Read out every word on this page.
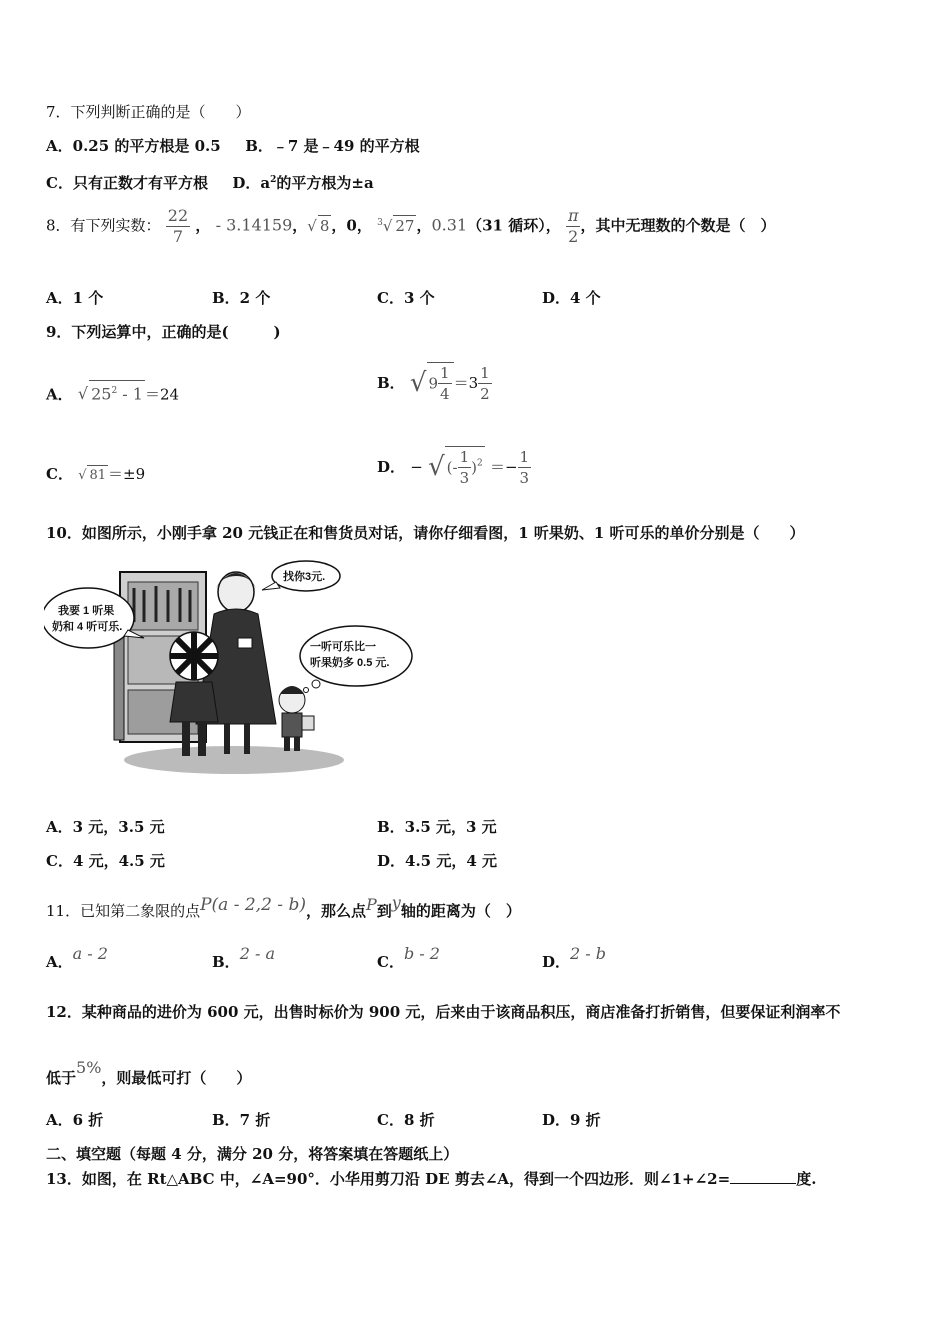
7．下列判断正确的是（　　）
A．0.25 的平方根是 0.5 B．﹣7 是﹣49 的平方根
C．只有正数才有平方根 D．$a^2$的平方根为±a
8．有下列实数： $\frac{22}{7}$ ， - 3.14159，√ 8 ，0， $^3$√ 27 ，0.31（31 循环）， $\frac{\pi}{2}$ ，其中无理数的个数是（　）
A．1 个	B．2 个	C．3 个	D．4 个
9．下列运算中，正确的是(　　　)
A． √ $25^2 - 1 =24$
B． √ $9 \frac{1}{4} =3 \frac{1}{2}$
C． √ 81 ＝±9	D． − √ (- $\frac{1}{3} )^2 =- \frac{1}{3}$
10．如图所示，小刚手拿 20 元钱正在和售货员对话，请你仔细看图，1 听果奶、1 听可乐的单价分别是（　　）
我要 1 听果
奶和 4 听可乐.
找你3元.
一听可乐比一
听果奶多 0.5 元.
A．3 元，3.5 元	B．3.5 元，3 元
C．4 元，4.5 元	D．4.5 元，4 元
11．已知第二象限的点P(a - 2,2 - b)，那么点P到y轴的距离为（　）
A．a - 2	B．2 - a	C．b - 2	D．2 - b
12．某种商品的进价为 600 元，出售时标价为 900 元，后来由于该商品积压，商店准备打折销售，但要保证利润率不
低于5%，则最低可打（　　）
A．6 折	B．7 折	C．8 折	D．9 折
二、填空题（每题 4 分，满分 20 分，将答案填在答题纸上）
13．如图，在 Rt△ABC 中，∠A=90°．小华用剪刀沿 DE 剪去∠A，得到一个四边形．则∠1+∠2=	度.
